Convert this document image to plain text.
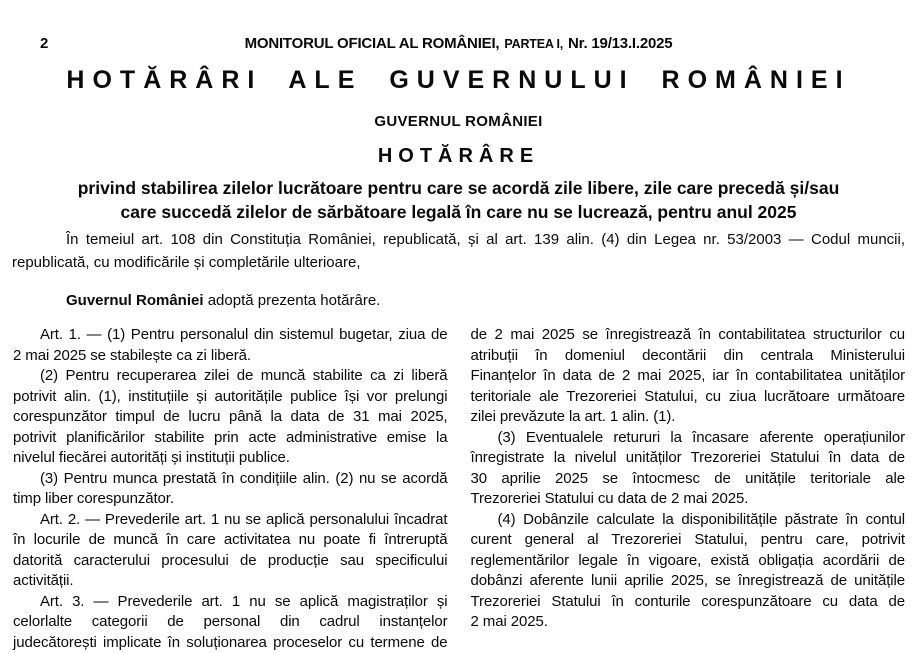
2	MONITORUL OFICIAL AL ROMÂNIEI, PARTEA I, Nr. 19/13.I.2025
HOTĂRÂRI ALE GUVERNULUI ROMÂNIEI
GUVERNUL ROMÂNIEI
HOTĂRÂRE
privind stabilirea zilelor lucrătoare pentru care se acordă zile libere, zile care precedă și/sau
care succedă zilelor de sărbătoare legală în care nu se lucrează, pentru anul 2025
În temeiul art. 108 din Constituția României, republicată, și al art. 139 alin. (4) din Legea nr. 53/2003 — Codul muncii,
republicată, cu modificările și completările ulterioare,
Guvernul României adoptă prezenta hotărâre.
Art. 1. — (1) Pentru personalul din sistemul bugetar, ziua de
2 mai 2025 se stabilește ca zi liberă.
(2) Pentru recuperarea zilei de muncă stabilite ca zi liberă
potrivit alin. (1), instituțiile și autoritățile publice își vor prelungi
corespunzător timpul de lucru până la data de 31 mai 2025,
potrivit planificărilor stabilite prin acte administrative emise la
nivelul fiecărei autorități și instituții publice.
(3) Pentru munca prestată în condițiile alin. (2) nu se acordă
timp liber corespunzător.
Art. 2. — Prevederile art. 1 nu se aplică personalului încadrat
în locurile de muncă în care activitatea nu poate fi întreruptă
datorită caracterului procesului de producție sau specificului
activității.
Art. 3. — Prevederile art. 1 nu se aplică magistraților și
celorlalte categorii de personal din cadrul instanțelor
judecătorești implicate în soluționarea proceselor cu termene de
de 2 mai 2025 se înregistrează în contabilitatea structurilor cu
atribuții în domeniul decontării din centrala Ministerului
Finanțelor în data de 2 mai 2025, iar în contabilitatea unităților
teritoriale ale Trezoreriei Statului, cu ziua lucrătoare următoare
zilei prevăzute la art. 1 alin. (1).
(3) Eventualele retururi la încasare aferente operațiunilor
înregistrate la nivelul unităților Trezoreriei Statului în data de
30 aprilie 2025 se întocmesc de unitățile teritoriale ale
Trezoreriei Statului cu data de 2 mai 2025.
(4) Dobânzile calculate la disponibilitățile păstrate în contul
curent general al Trezoreriei Statului, pentru care, potrivit
reglementărilor legale în vigoare, există obligația acordării de
dobânzi aferente lunii aprilie 2025, se înregistrează de unitățile
Trezoreriei Statului în conturile corespunzătoare cu data de
2 mai 2025.
